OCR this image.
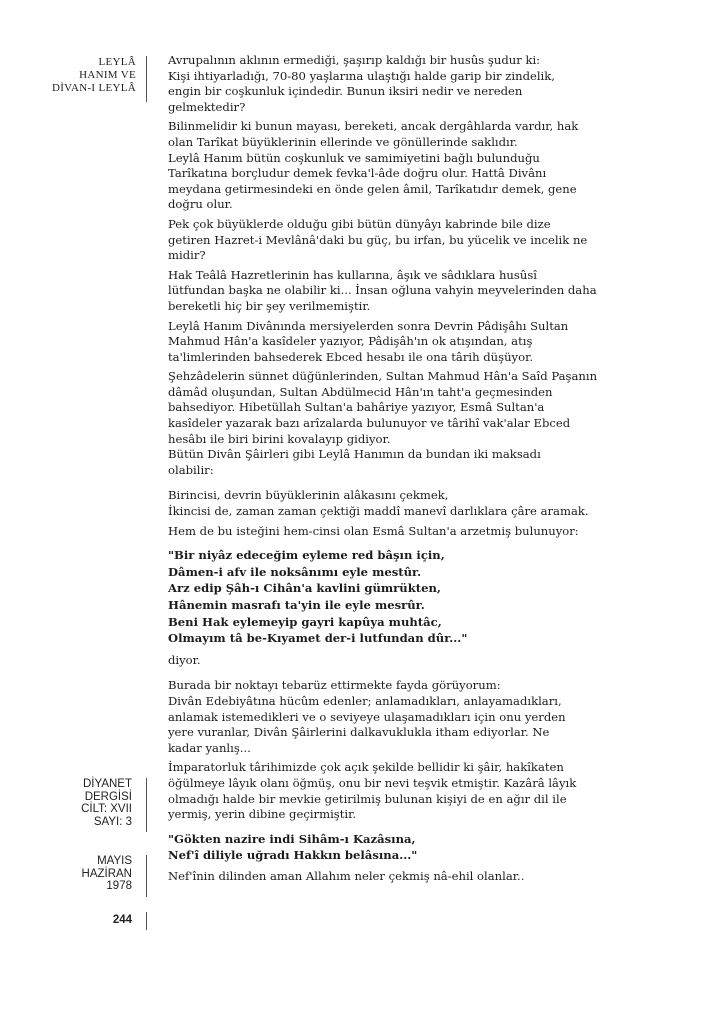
LEYLÂ
HANIM VE
DİVAN-I LEYLÂ
DİYANET
DERGİSİ
CİLT: XVII
SAYI: 3
MAYIS
HAZİRAN
1978
244

Avrupalının aklının ermediği, şaşırıp kaldığı bir husûs şudur ki:
Kişi ihtiyarladığı, 70-80 yaşlarına ulaştığı halde garip bir zindelik,
engin bir coşkunluk içindedir. Bunun iksiri nedir ve nereden
gelmektedir?

Bilinmelidir ki bunun mayası, bereketi, ancak dergâhlarda vardır, hak
olan Tarîkat büyüklerinin ellerinde ve gönüllerinde saklıdır.
Leylâ Hanım bütün coşkunluk ve samimiyetini bağlı bulunduğu
Tarîkatına borçludur demek fevka'l-âde doğru olur. Hattâ Divânı
meydana getirmesindeki en önde gelen âmil, Tarîkatıdır demek, gene
doğru olur.

Pek çok büyüklerde olduğu gibi bütün dünyâyı kabrinde bile dize
getiren Hazret-i Mevlânâ'daki bu güç, bu irfan, bu yücelik ve incelik ne
midir?

Hak Teâlâ Hazretlerinin has kullarına, âşık ve sâdıklara husûsî
lütfundan başka ne olabilir ki... İnsan oğluna vahyin meyvelerinden daha
bereketli hiç bir şey verilmemiştir.

Leylâ Hanım Divânında mersiyelerden sonra Devrin Pâdişâhı Sultan
Mahmud Hân'a kasîdeler yazıyor, Pâdişâh'ın ok atışından, atış
ta'limlerinden bahsederek Ebced hesabı ile ona târih düşüyor.

Şehzâdelerin sünnet düğünlerinden, Sultan Mahmud Hân'a Saîd Paşanın
dâmâd oluşundan, Sultan Abdülmecid Hân'ın taht'a geçmesinden
bahsediyor. Hibetüllah Sultan'a bahâriye yazıyor, Esmâ Sultan'a
kasîdeler yazarak bazı arîzalarda bulunuyor ve târihî vak'alar Ebced
hesâbı ile biri birini kovalayıp gidiyor.
Bütün Divân Şâirleri gibi Leylâ Hanımın da bundan iki maksadı
olabilir:

Birincisi, devrin büyüklerinin alâkasını çekmek,
İkincisi de, zaman zaman çektiği maddî manevî darlıklara çâre aramak.

Hem de bu isteğini hem-cinsi olan Esmâ Sultan'a arzetmiş bulunuyor:

"Bir niyâz edeceğim eyleme red bâşın için,
Dâmen-i afv ile noksânımı eyle mestûr.
Arz edip Şâh-ı Cihân'a kavlini gümrükten,
Hânemin masrafı ta'yin ile eyle mesrûr.
Beni Hak eylemeyip gayri kapûya muhtâc,
Olmayım tâ be-Kıyamet der-i lutfundan dûr..."

diyor.

Burada bir noktayı tebarüz ettirmekte fayda görüyorum:
Divân Edebiyâtına hücûm edenler; anlamadıkları, anlayamadıkları,
anlamak istemedikleri ve o seviyeye ulaşamadıkları için onu yerden
yere vuranlar, Divân Şâirlerini dalkavuklukla itham ediyorlar. Ne
kadar yanlış...

İmparatorluk târihimizde çok açık şekilde bellidir ki şâir, hakîkaten
öğülmeye lâyık olanı öğmüş, onu bir nevi teşvik etmiştir. Kazârâ lâyık
olmadığı halde bir mevkie getirilmiş bulunan kişiyi de en ağır dil ile
yermiş, yerin dibine geçirmiştir.

"Gökten nazire indi Sihâm-ı Kazâsına,
Nef'î diliyle uğradı Hakkın belâsına..."

Nef'înin dilinden aman Allahım neler çekmiş nâ-ehil olanlar..
